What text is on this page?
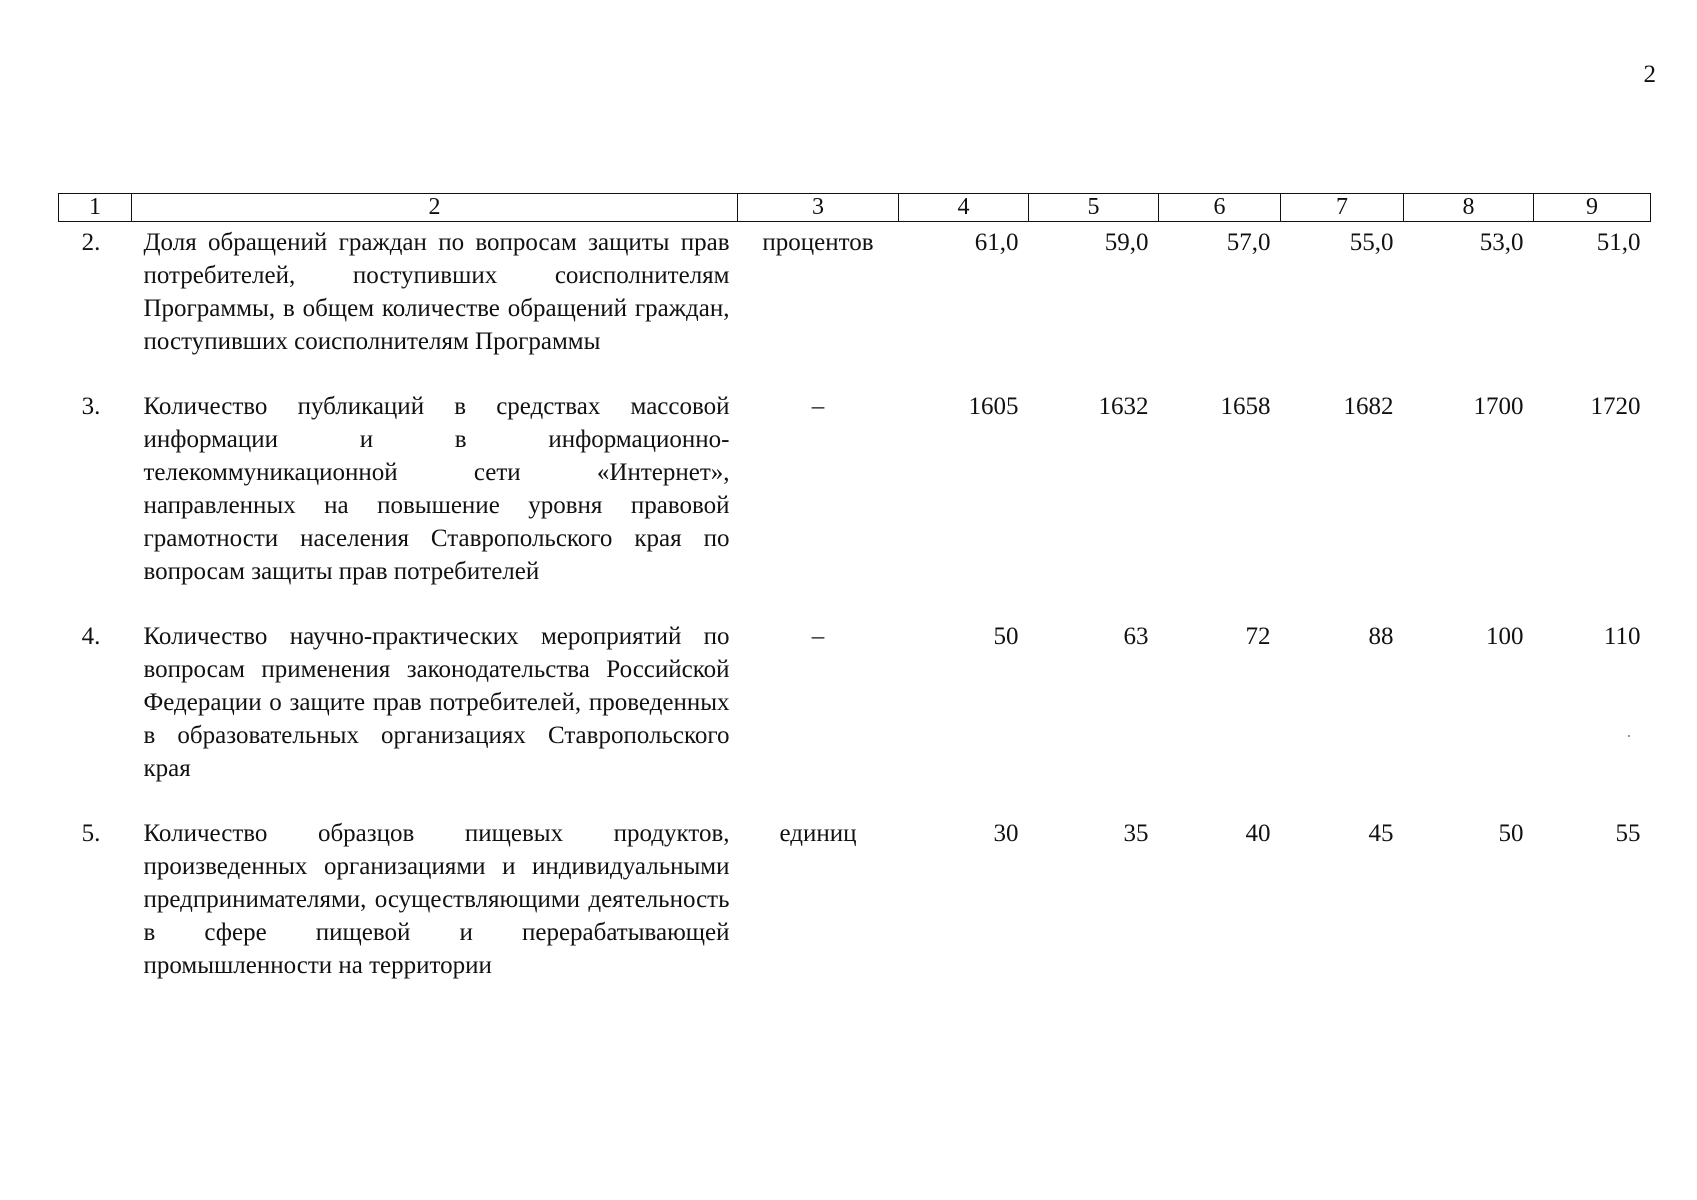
2
1	2	3	4	5	6	7	8	9
2.	Доля обращений граждан по вопросам защиты прав потребителей, поступивших соисполнителям Программы, в общем количестве обращений граждан, поступивших соисполнителям Программы	процентов	61,0	59,0	57,0	55,0	53,0	51,0
3.	Количество публикаций в средствах массовой информации и в информационно-телекоммуникационной сети «Интернет», направленных на повышение уровня правовой грамотности населения Ставропольского края по вопросам защиты прав потребителей	–	1605	1632	1658	1682	1700	1720
4.	Количество научно-практических мероприятий по вопросам применения законодательства Российской Федерации о защите прав потребителей, проведенных в образовательных организациях Ставропольского края	–	50	63	72	88	100	110
5.	Количество образцов пищевых продуктов, произведенных организациями и индивидуальными предпринимателями, осуществляющими деятельность в сфере пищевой и перерабатывающей промышленности на территории	единиц	30	35	40	45	50	55
